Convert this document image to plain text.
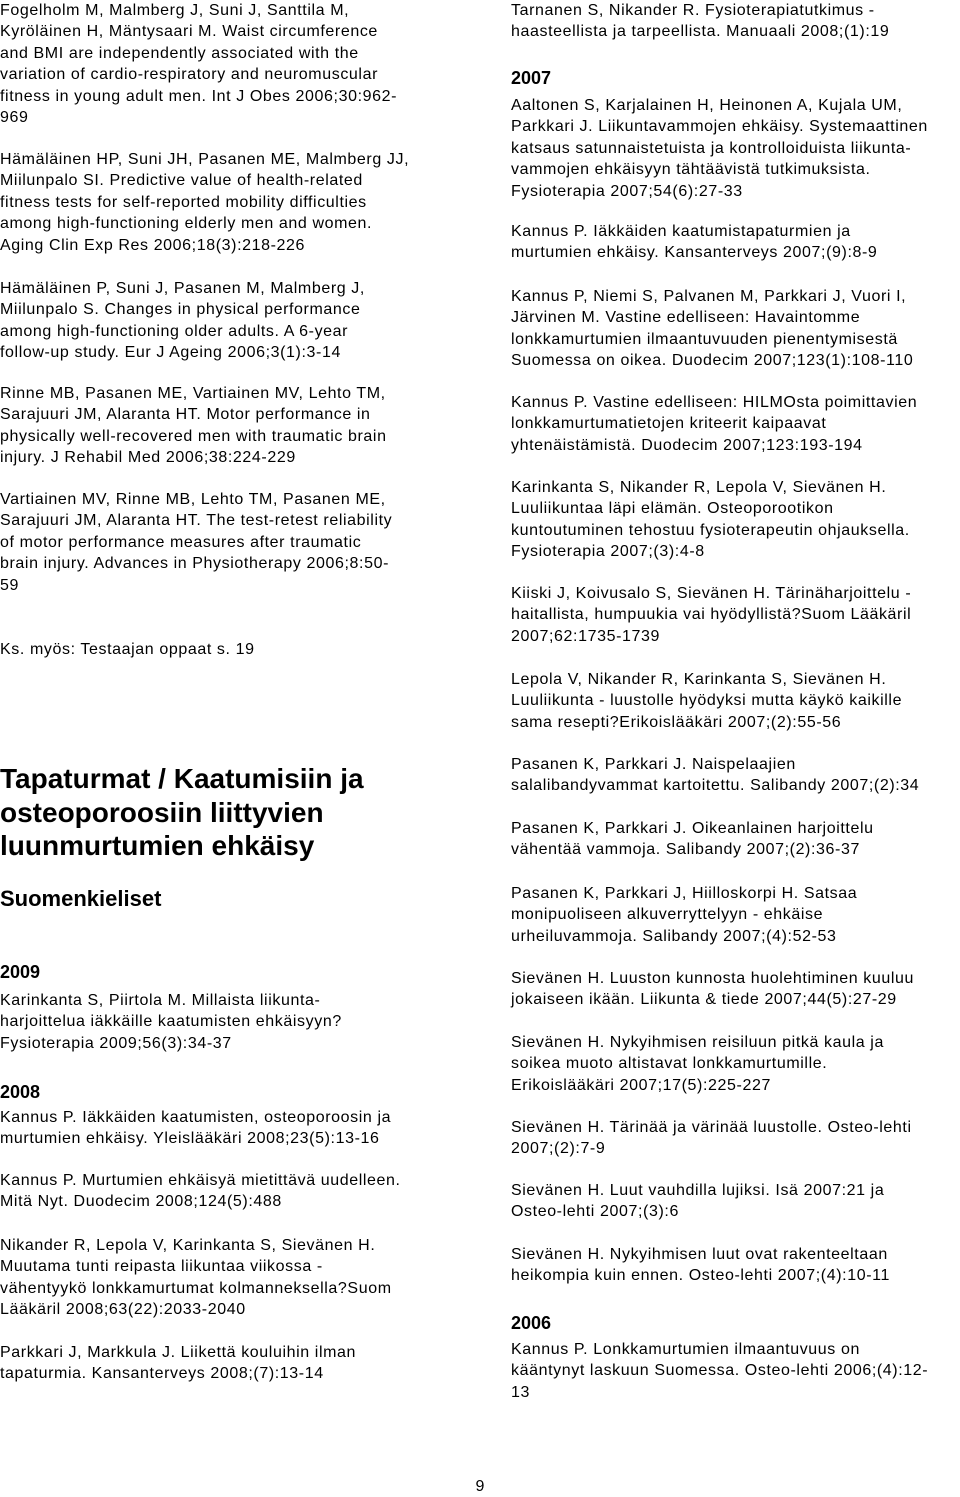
Fogelholm M, Malmberg J, Suni J, Santtila M,
Kyröläinen H, Mäntysaari M. Waist circumference
and BMI are independently associated with the
variation of cardio-respiratory and neuromuscular
fitness in young adult men. Int J Obes 2006;30:962-
969
Hämäläinen HP, Suni JH, Pasanen ME, Malmberg JJ,
Miilunpalo SI. Predictive value of health-related
fitness tests for self-reported mobility difficulties
among high-functioning elderly men and women.
Aging Clin Exp Res 2006;18(3):218-226
Hämäläinen P, Suni J, Pasanen M, Malmberg J,
Miilunpalo S. Changes in physical performance
among high-functioning older adults. A 6-year
follow-up study. Eur J Ageing 2006;3(1):3-14
Rinne MB, Pasanen ME, Vartiainen MV, Lehto TM,
Sarajuuri JM, Alaranta HT. Motor performance in
physically well-recovered men with traumatic brain
injury. J Rehabil Med 2006;38:224-229
Vartiainen MV, Rinne MB, Lehto TM, Pasanen ME,
Sarajuuri JM, Alaranta HT. The test-retest reliability
of motor performance measures after traumatic
brain injury. Advances in Physiotherapy 2006;8:50-
59
Ks. myös: Testaajan oppaat s. 19
Tapaturmat / Kaatumisiin ja
osteoporoosiin liittyvien
luunmurtumien ehkäisy
Suomenkieliset
2009
Karinkanta S, Piirtola M. Millaista liikunta-
harjoittelua iäkkäille kaatumisten ehkäisyyn?
Fysioterapia 2009;56(3):34-37
2008
Kannus P. Iäkkäiden kaatumisten, osteoporoosin ja
murtumien ehkäisy. Yleislääkäri 2008;23(5):13-16
Kannus P. Murtumien ehkäisyä mietittävä uudelleen.
Mitä Nyt. Duodecim 2008;124(5):488
Nikander R, Lepola V, Karinkanta S, Sievänen H.
Muutama tunti reipasta liikuntaa viikossa -
vähentyykö lonkkamurtumat kolmanneksella?Suom
Lääkäril 2008;63(22):2033-2040
Parkkari J, Markkula J. Liikettä kouluihin ilman
tapaturmia. Kansanterveys 2008;(7):13-14
Tarnanen S, Nikander R. Fysioterapiatutkimus -
haasteellista ja tarpeellista. Manuaali 2008;(1):19
2007
Aaltonen S, Karjalainen H, Heinonen A, Kujala UM,
Parkkari J. Liikuntavammojen ehkäisy. Systemaattinen
katsaus satunnaistetuista ja kontrolloiduista liikunta-
vammojen ehkäisyyn tähtäävistä tutkimuksista.
Fysioterapia 2007;54(6):27-33
Kannus P. Iäkkäiden kaatumistapaturmien ja
murtumien ehkäisy. Kansanterveys 2007;(9):8-9
Kannus P, Niemi S, Palvanen M, Parkkari J, Vuori I,
Järvinen M. Vastine edelliseen: Havaintomme
lonkkamurtumien ilmaantuvuuden pienentymisestä
Suomessa on oikea. Duodecim 2007;123(1):108-110
Kannus P. Vastine edelliseen: HILMOsta poimittavien
lonkkamurtumatietojen kriteerit kaipaavat
yhtenäistämistä. Duodecim 2007;123:193-194
Karinkanta S, Nikander R, Lepola V, Sievänen H.
Luuliikuntaa läpi elämän. Osteoporootikon
kuntoutuminen tehostuu fysioterapeutin ohjauksella.
Fysioterapia 2007;(3):4-8
Kiiski J, Koivusalo S, Sievänen H. Tärinäharjoittelu -
haitallista, humpuukia vai hyödyllistä?Suom Lääkäril
2007;62:1735-1739
Lepola V, Nikander R, Karinkanta S, Sievänen H.
Luuliikunta - luustolle hyödyksi mutta käykö kaikille
sama resepti?Erikoislääkäri 2007;(2):55-56
Pasanen K, Parkkari J. Naispelaajien
salalibandyvammat kartoitettu. Salibandy 2007;(2):34
Pasanen K, Parkkari J. Oikeanlainen harjoittelu
vähentää vammoja. Salibandy 2007;(2):36-37
Pasanen K, Parkkari J, Hiilloskorpi H. Satsaa
monipuoliseen alkuverryttelyyn - ehkäise
urheiluvammoja. Salibandy 2007;(4):52-53
Sievänen H. Luuston kunnosta huolehtiminen kuuluu
jokaiseen ikään. Liikunta & tiede 2007;44(5):27-29
Sievänen H. Nykyihmisen reisiluun pitkä kaula ja
soikea muoto altistavat lonkkamurtumille.
Erikoislääkäri 2007;17(5):225-227
Sievänen H. Tärinää ja värinää luustolle. Osteo-lehti
2007;(2):7-9
Sievänen H. Luut vauhdilla lujiksi. Isä 2007:21 ja
Osteo-lehti 2007;(3):6
Sievänen H. Nykyihmisen luut ovat rakenteeltaan
heikompia kuin ennen. Osteo-lehti 2007;(4):10-11
2006
Kannus P. Lonkkamurtumien ilmaantuvuus on
kääntynyt laskuun Suomessa. Osteo-lehti 2006;(4):12-
13
9
